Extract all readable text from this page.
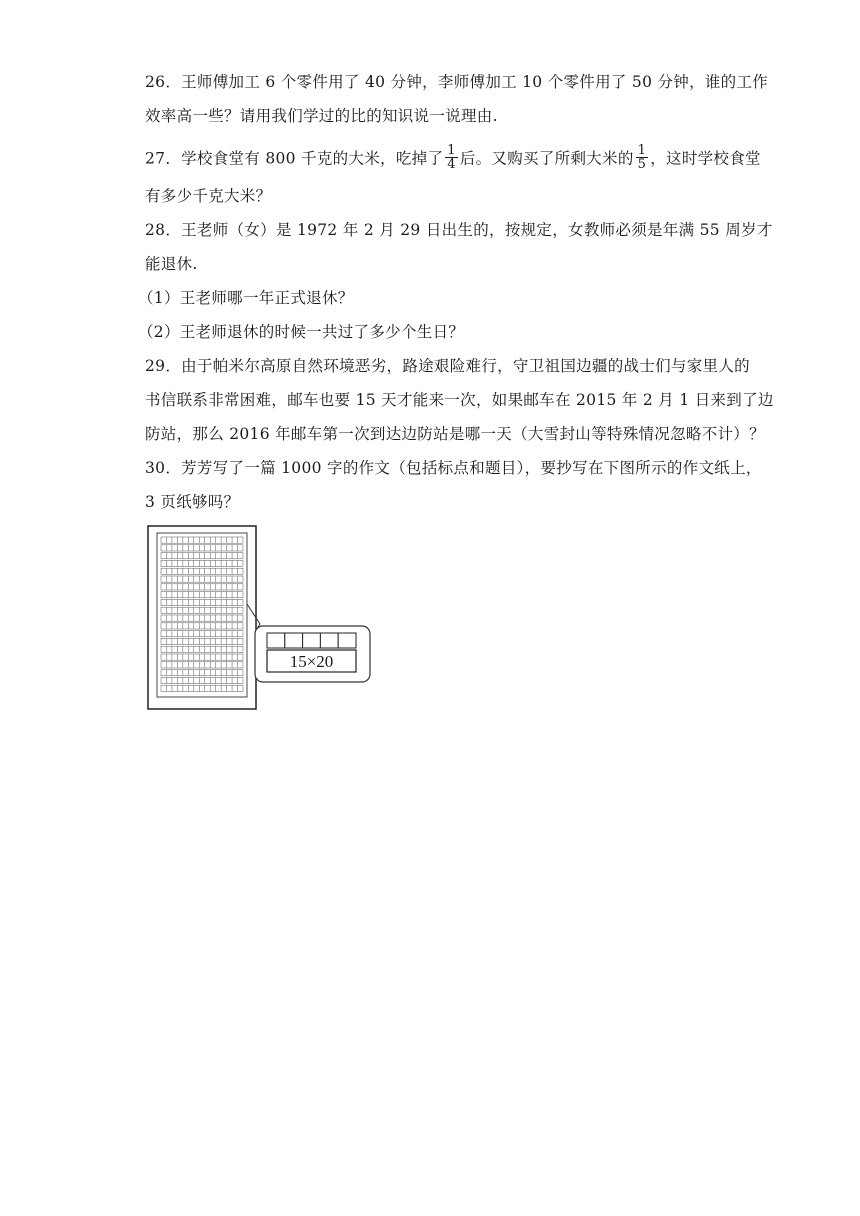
26．王师傅加工 6 个零件用了 40 分钟，李师傅加工 10 个零件用了 50 分钟，谁的工作
效率高一些？请用我们学过的比的知识说一说理由.
27．学校食堂有 800 千克的大米，吃掉了 $\frac{1}{4}$ 后。又购买了所剩大米的 $\frac{1}{5}$ ，这时学校食堂
有多少千克大米？
28．王老师（女）是 1972 年 2 月 29 日出生的，按规定，女教师必须是年满 55 周岁才
能退休.
（1）王老师哪一年正式退休？
（2）王老师退休的时候一共过了多少个生日？
29．由于帕米尔高原自然环境恶劣，路途艰险难行，守卫祖国边疆的战士们与家里人的
书信联系非常困难，邮车也要 15 天才能来一次，如果邮车在 2015 年 2 月 1 日来到了边
防站，那么 2016 年邮车第一次到达边防站是哪一天（大雪封山等特殊情况忽略不计）？
30．芳芳写了一篇 1000 字的作文（包括标点和题目），要抄写在下图所示的作文纸上，
3 页纸够吗？
15×20
